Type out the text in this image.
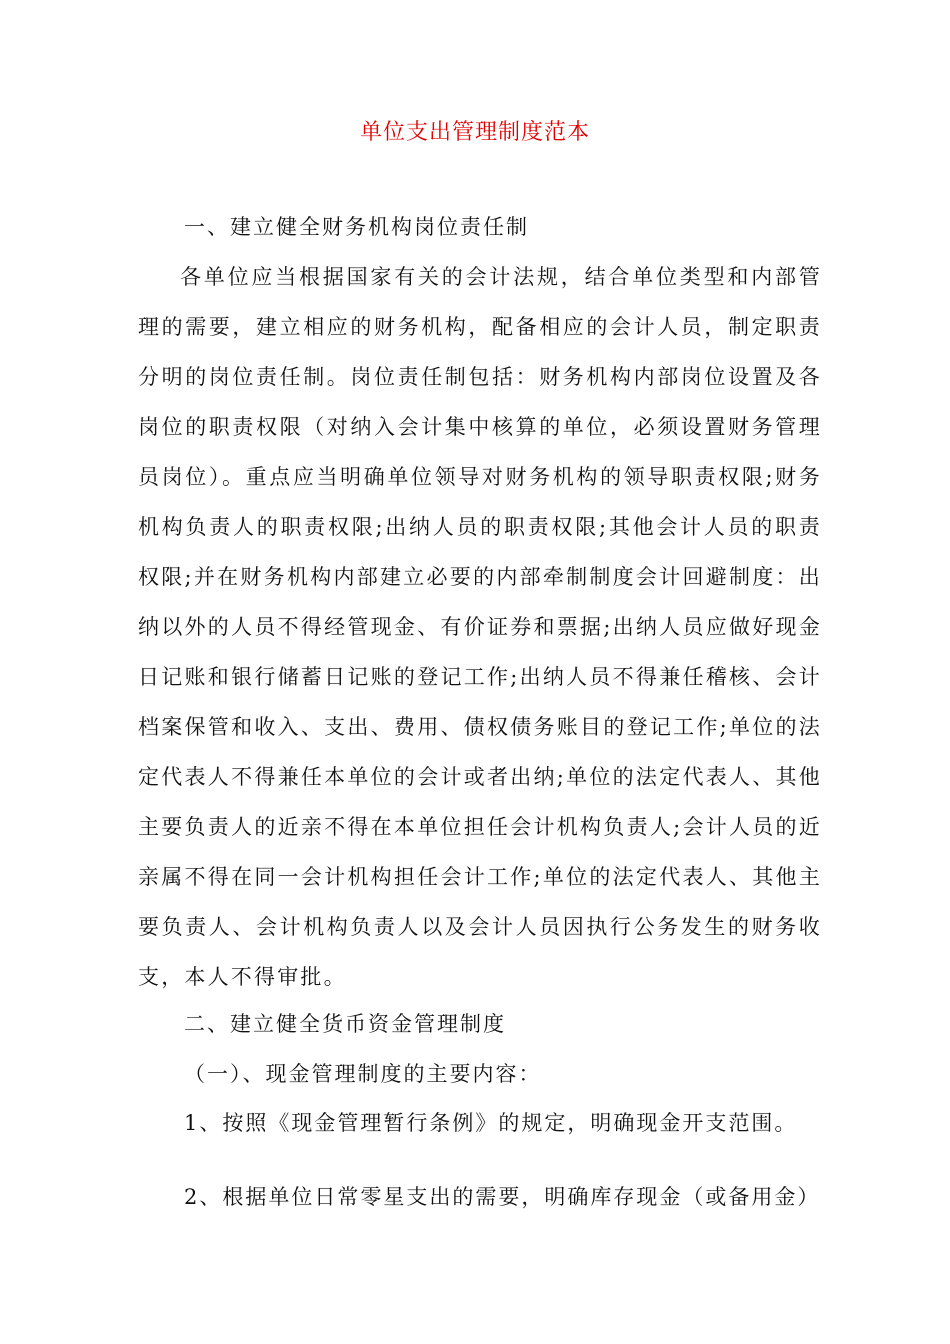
单位支出管理制度范本
一、建立健全财务机构岗位责任制
各单位应当根据国家有关的会计法规，结合单位类型和内部管理的需要，建立相应的财务机构，配备相应的会计人员，制定职责分明的岗位责任制。岗位责任制包括：财务机构内部岗位设置及各岗位的职责权限（对纳入会计集中核算的单位，必须设置财务管理员岗位）。重点应当明确单位领导对财务机构的领导职责权限;财务机构负责人的职责权限;出纳人员的职责权限;其他会计人员的职责权限;并在财务机构内部建立必要的内部牵制制度会计回避制度：出纳以外的人员不得经管现金、有价证券和票据;出纳人员应做好现金日记账和银行储蓄日记账的登记工作;出纳人员不得兼任稽核、会计档案保管和收入、支出、费用、债权债务账目的登记工作;单位的法定代表人不得兼任本单位的会计或者出纳;单位的法定代表人、其他主要负责人的近亲不得在本单位担任会计机构负责人;会计人员的近亲属不得在同一会计机构担任会计工作;单位的法定代表人、其他主要负责人、会计机构负责人以及会计人员因执行公务发生的财务收支，本人不得审批。
二、建立健全货币资金管理制度
（一）、现金管理制度的主要内容：
1、按照《现金管理暂行条例》的规定，明确现金开支范围。
2、根据单位日常零星支出的需要，明确库存现金（或备用金）
